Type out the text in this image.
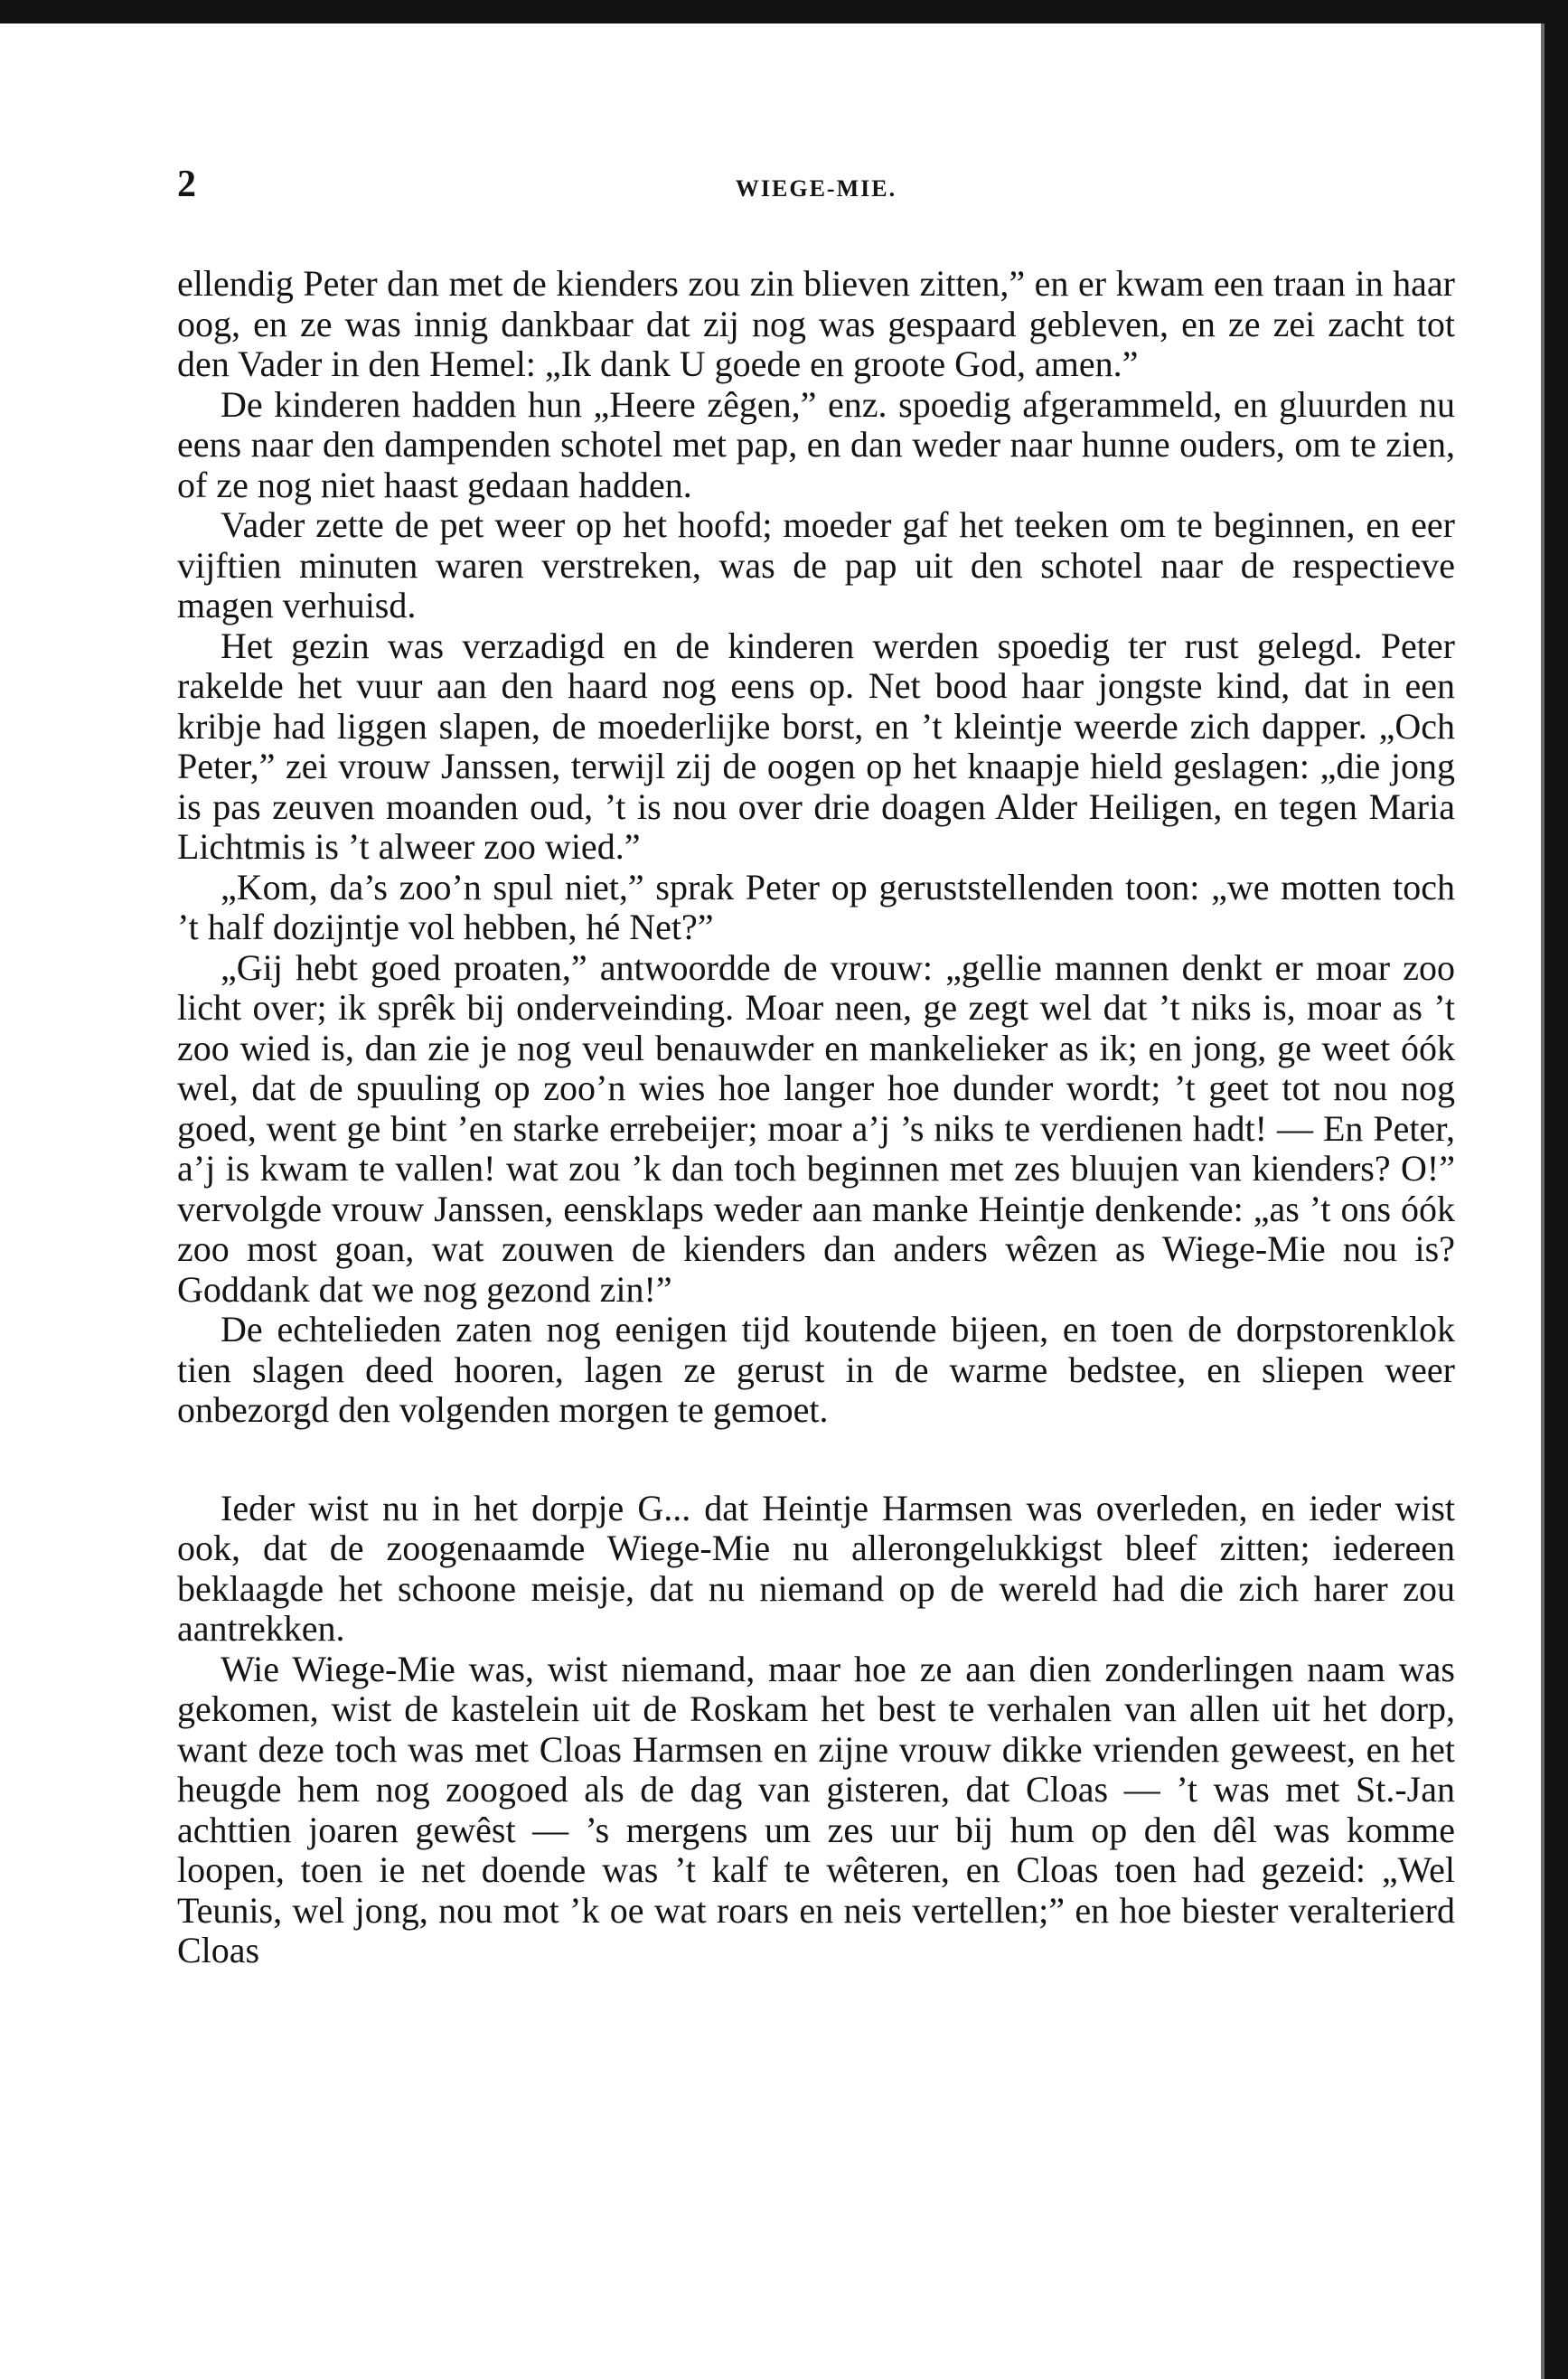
2	WIEGE-MIE.

ellendig Peter dan met de kienders zou zin blieven zitten,” en er kwam een traan in haar oog, en ze was innig dankbaar dat zij nog was gespaard gebleven, en ze zei zacht tot den Vader in den Hemel: „Ik dank U goede en groote God, amen.”

De kinderen hadden hun „Heere zêgen,” enz. spoedig afgerammeld, en gluurden nu eens naar den dampenden schotel met pap, en dan weder naar hunne ouders, om te zien, of ze nog niet haast gedaan hadden.

Vader zette de pet weer op het hoofd; moeder gaf het teeken om te beginnen, en eer vijftien minuten waren verstreken, was de pap uit den schotel naar de respectieve magen verhuisd.

Het gezin was verzadigd en de kinderen werden spoedig ter rust gelegd. Peter rakelde het vuur aan den haard nog eens op. Net bood haar jongste kind, dat in een kribje had liggen slapen, de moederlijke borst, en ’t kleintje weerde zich dapper. „Och Peter,” zei vrouw Janssen, terwijl zij de oogen op het knaapje hield geslagen: „die jong is pas zeuven moanden oud, ’t is nou over drie doagen Alder Heiligen, en tegen Maria Lichtmis is ’t alweer zoo wied.”

„Kom, da’s zoo’n spul niet,” sprak Peter op geruststellenden toon: „we motten toch ’t half dozijntje vol hebben, hé Net?”

„Gij hebt goed proaten,” antwoordde de vrouw: „gellie mannen denkt er moar zoo licht over; ik sprêk bij onderveinding. Moar neen, ge zegt wel dat ’t niks is, moar as ’t zoo wied is, dan zie je nog veul benauwder en mankelieker as ik; en jong, ge weet óók wel, dat de spuuling op zoo’n wies hoe langer hoe dunder wordt; ’t geet tot nou nog goed, went ge bint ’en starke errebeijer; moar a’j ’s niks te verdienen hadt! — En Peter, a’j is kwam te vallen! wat zou ’k dan toch beginnen met zes bluujen van kienders? O!” vervolgde vrouw Janssen, eensklaps weder aan manke Heintje denkende: „as ’t ons óók zoo most goan, wat zouwen de kienders dan anders wêzen as Wiege-Mie nou is? Goddank dat we nog gezond zin!”

De echtelieden zaten nog eenigen tijd koutende bijeen, en toen de dorpstorenklok tien slagen deed hooren, lagen ze gerust in de warme bedstee, en sliepen weer onbezorgd den volgenden morgen te gemoet.

Ieder wist nu in het dorpje G... dat Heintje Harmsen was overleden, en ieder wist ook, dat de zoogenaamde Wiege-Mie nu allerongelukkigst bleef zitten; iedereen beklaagde het schoone meisje, dat nu niemand op de wereld had die zich harer zou aantrekken.

Wie Wiege-Mie was, wist niemand, maar hoe ze aan dien zonderlingen naam was gekomen, wist de kastelein uit de Roskam het best te verhalen van allen uit het dorp, want deze toch was met Cloas Harmsen en zijne vrouw dikke vrienden geweest, en het heugde hem nog zoogoed als de dag van gisteren, dat Cloas — ’t was met St.-Jan achttien joaren gewêst — ’s mergens um zes uur bij hum op den dêl was komme loopen, toen ie net doende was ’t kalf te wêteren, en Cloas toen had gezeid: „Wel Teunis, wel jong, nou mot ’k oe wat roars en neis vertellen;” en hoe biester veralterierd Cloas
